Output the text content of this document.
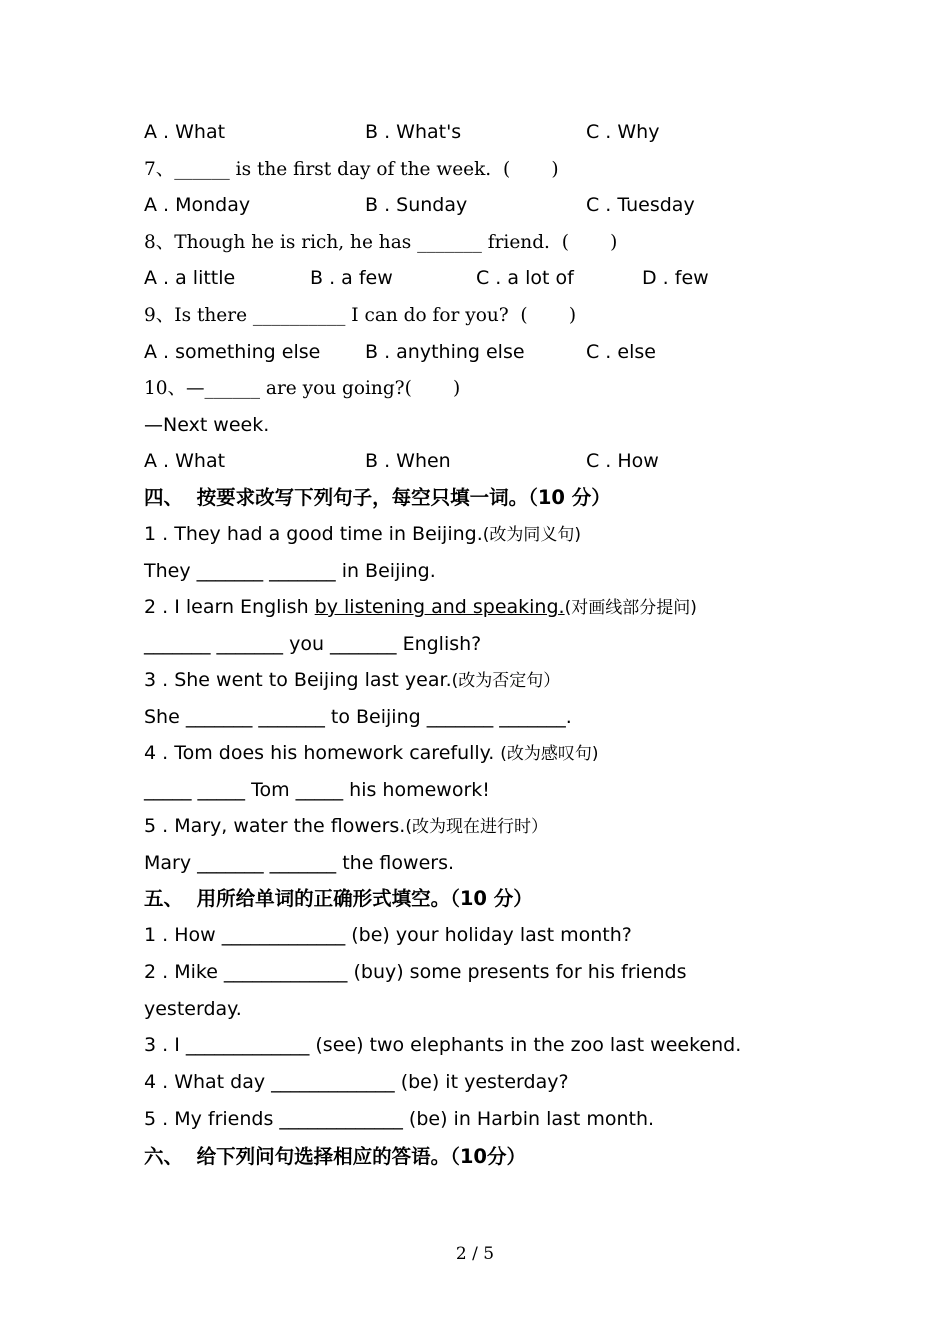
A . What

	B . What's

	C . Why

7、______ is the first day of the week.  (       )

A . Monday

	B . Sunday

	C . Tuesday

8、Though he is rich, he has _______ friend.  (       )

A . a little

	B . a few

	C . a lot of

	D . few

9、Is there __________ I can do for you?  (       )

A . something else

B . anything else

	C . else

10、—______ are you going?(       )
—Next week.

A . What

	B . When

	C . How

四、  按要求改写下列句子，每空只填一词。（10 分）
1 . They had a good time in Beijing.(改为同义句)
They _______ _______ in Beijing.
2 . I learn English by listening and speaking.(对画线部分提问)
_______ _______ you _______ English?
3 . She went to Beijing last year.(改为否定句）
She _______ _______ to Beijing _______ _______.
4 . Tom does his homework carefully. (改为感叹句)
_____ _____ Tom _____ his homework!
5 . Mary, water the flowers.(改为现在进行时）
Mary _______ _______ the flowers.
五、  用所给单词的正确形式填空。（10 分）
1 . How _____________ (be) your holiday last month?
2 . Mike _____________ (buy) some presents for his friends
yesterday.
3 . I _____________ (see) two elephants in the zoo last weekend.
4 . What day _____________ (be) it yesterday?
5 . My friends _____________ (be) in Harbin last month.
六、  给下列问句选择相应的答语。（10分）
2 / 5
